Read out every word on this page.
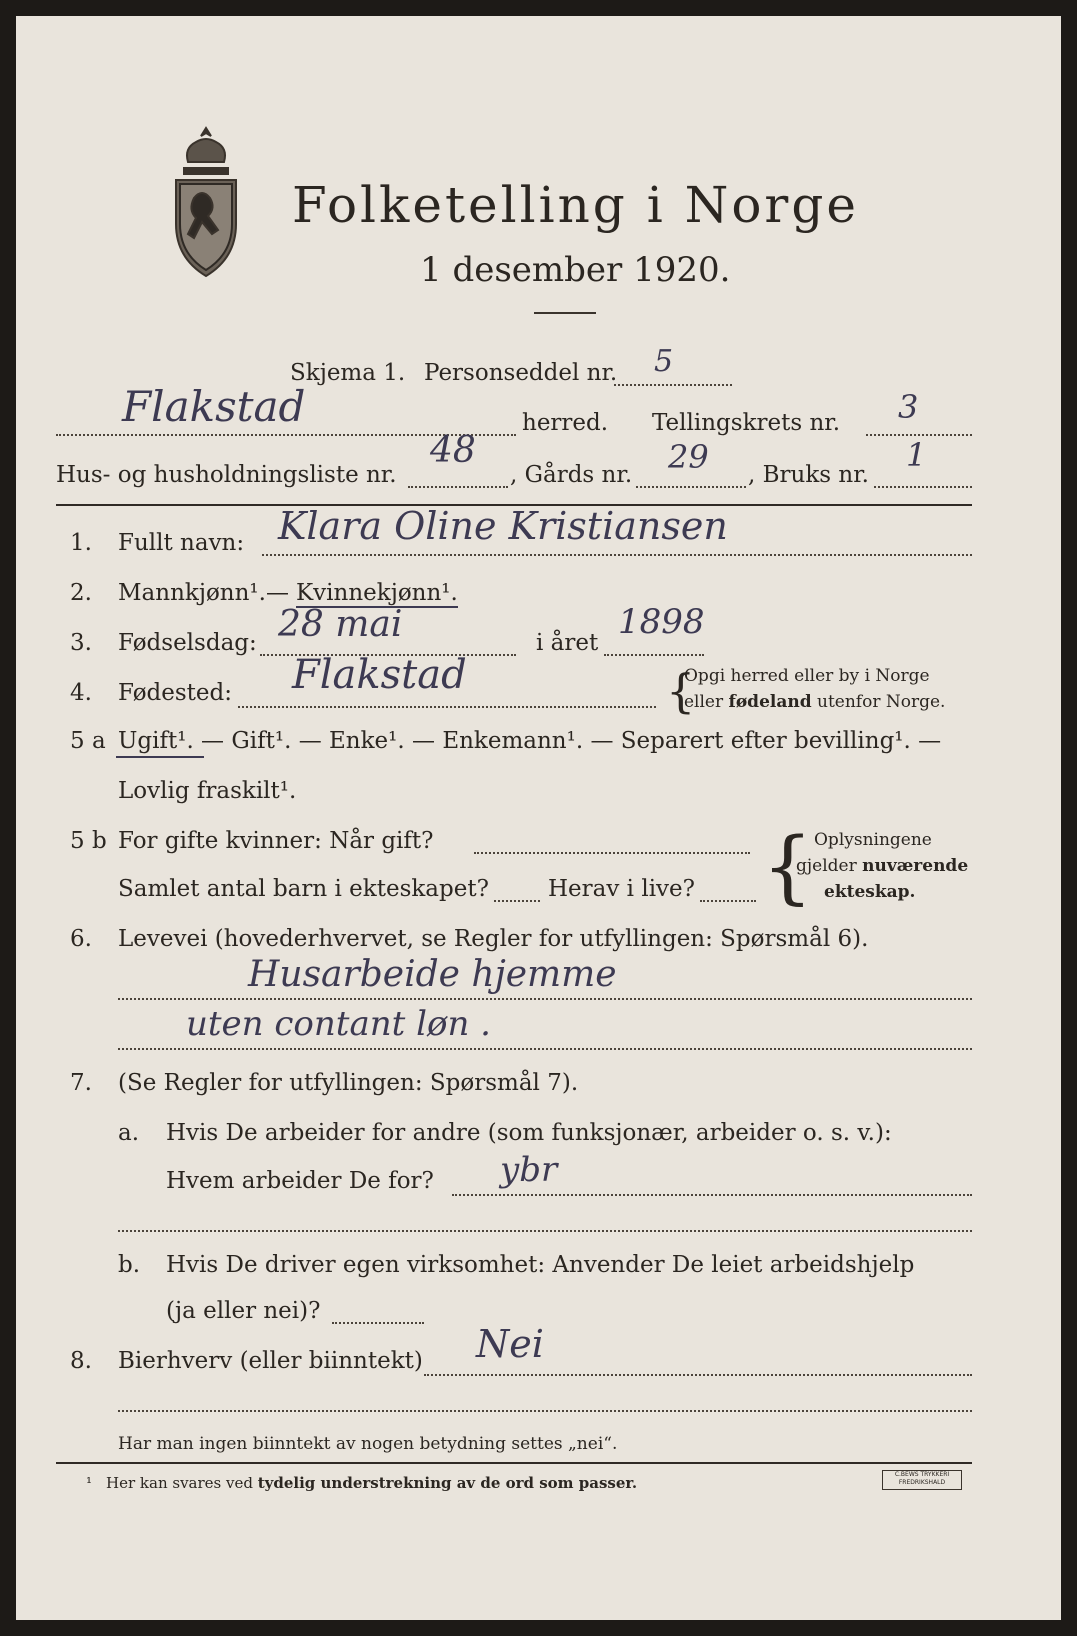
Folketelling i Norge
1 desember 1920.
Skjema 1. Personseddel nr. 5
Flakstad	herred. Tellingskrets nr. 3
Hus- og husholdningsliste nr.
48
, Gårds nr. 29 , Bruks nr.
1
1. Fullt navn: Klara Oline Kristiansen
2. Mannkjønn¹. — Kvinnekjønn¹.
3. Fødselsdag: 28 mai	i året
1898
4. Fødested: Flakstad	{
Opgi herred eller by i Norge
eller fødeland utenfor Norge.
5 a Ugift¹. — Gift¹. — Enke¹. — Enkemann¹. — Separert efter bevilling¹. —
Lovlig fraskilt¹.
5 b For gifte kvinner: Når gift?
Samlet antal barn i ekteskapet?	Herav i live? { Oplysningene
gjelder nuværende
ekteskap.
6. Levevei (hovederhvervet, se Regler for utfyllingen: Spørsmål 6).
Husarbeide hjemme
uten contant løn .
7. (Se Regler for utfyllingen: Spørsmål 7).
a. Hvis De arbeider for andre (som funksjonær, arbeider o. s. v.):
Hvem arbeider De for? ybr
b. Hvis De driver egen virksomhet: Anvender De leiet arbeidshjelp
(ja eller nei)?
8. Bierhverv (eller biinntekt) Nei
Har man ingen biinntekt av nogen betydning settes „nei“.
¹ Her kan svares ved tydelig understrekning av de ord som passer.	C.BEWS TRYKKERI
FREDRIKSHALD
